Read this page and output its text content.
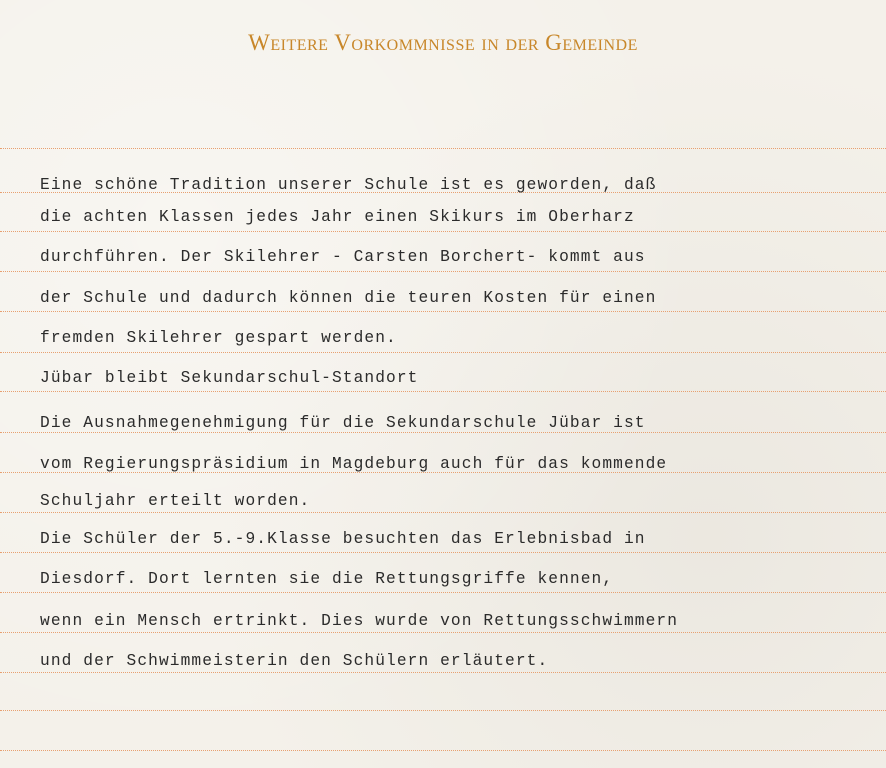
Weitere Vorkommnisse in der Gemeinde
Eine schöne Tradition unserer Schule ist es geworden, daß
die achten Klassen jedes Jahr einen Skikurs im Oberharz
durchführen. Der Skilehrer - Carsten Borchert- kommt aus
der Schule und dadurch können die teuren Kosten für einen
fremden Skilehrer gespart werden.
Jübar bleibt Sekundarschul-Standort
Die Ausnahmegenehmigung für die Sekundarschule Jübar ist
vom Regierungspräsidium in Magdeburg auch für das kommende
Schuljahr erteilt worden.
Die Schüler der 5.-9.Klasse besuchten das Erlebnisbad in
Diesdorf. Dort lernten sie die Rettungsgriffe kennen,
wenn ein Mensch ertrinkt. Dies wurde von Rettungsschwimmern
und der Schwimmeisterin den Schülern erläutert.
